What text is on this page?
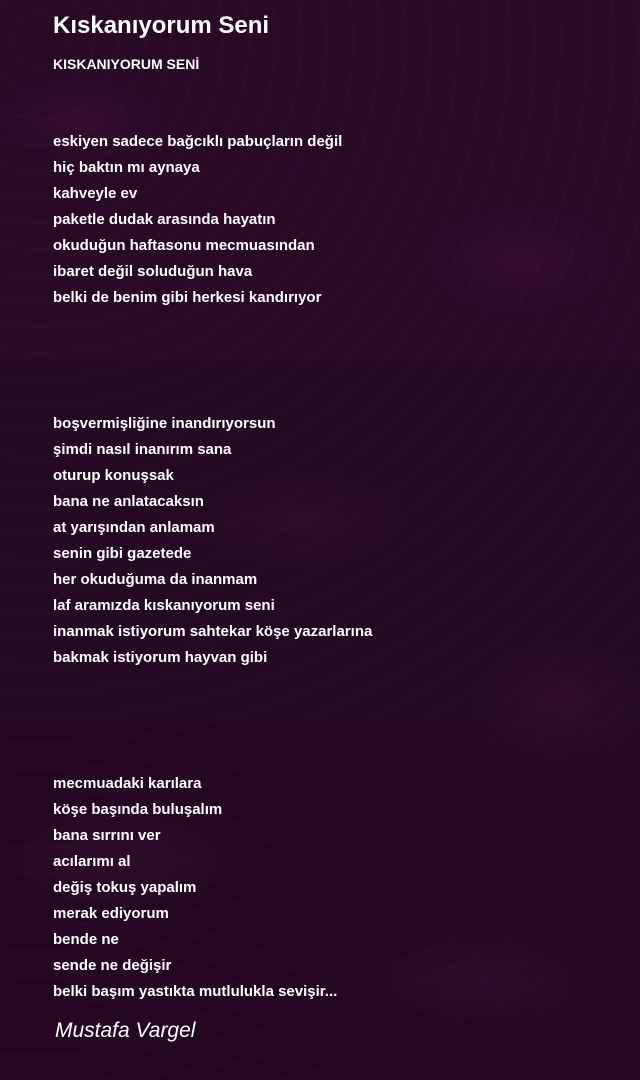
Kıskanıyorum Seni
KISKANIYORUM SENİ
eskiyen sadece bağcıklı pabuçların değil
hiç baktın mı aynaya
kahveyle ev
paketle dudak arasında hayatın
okuduğun haftasonu mecmuasından
ibaret değil soluduğun hava
belki de benim gibi herkesi kandırıyor
boşvermişliğine inandırıyorsun
şimdi nasıl inanırım sana
oturup konuşsak
bana ne anlatacaksın
at yarışından anlamam
senin gibi gazetede
her okuduğuma da inanmam
laf aramızda kıskanıyorum seni
inanmak istiyorum sahtekar köşe yazarlarına
bakmak istiyorum hayvan gibi
mecmuadaki karılara
köşe başında buluşalım
bana sırrını ver
acılarımı al
değiş tokuş yapalım
merak ediyorum
bende ne
sende ne değişir
belki başım yastıkta mutlulukla sevişir...

Mustafa Vargel
